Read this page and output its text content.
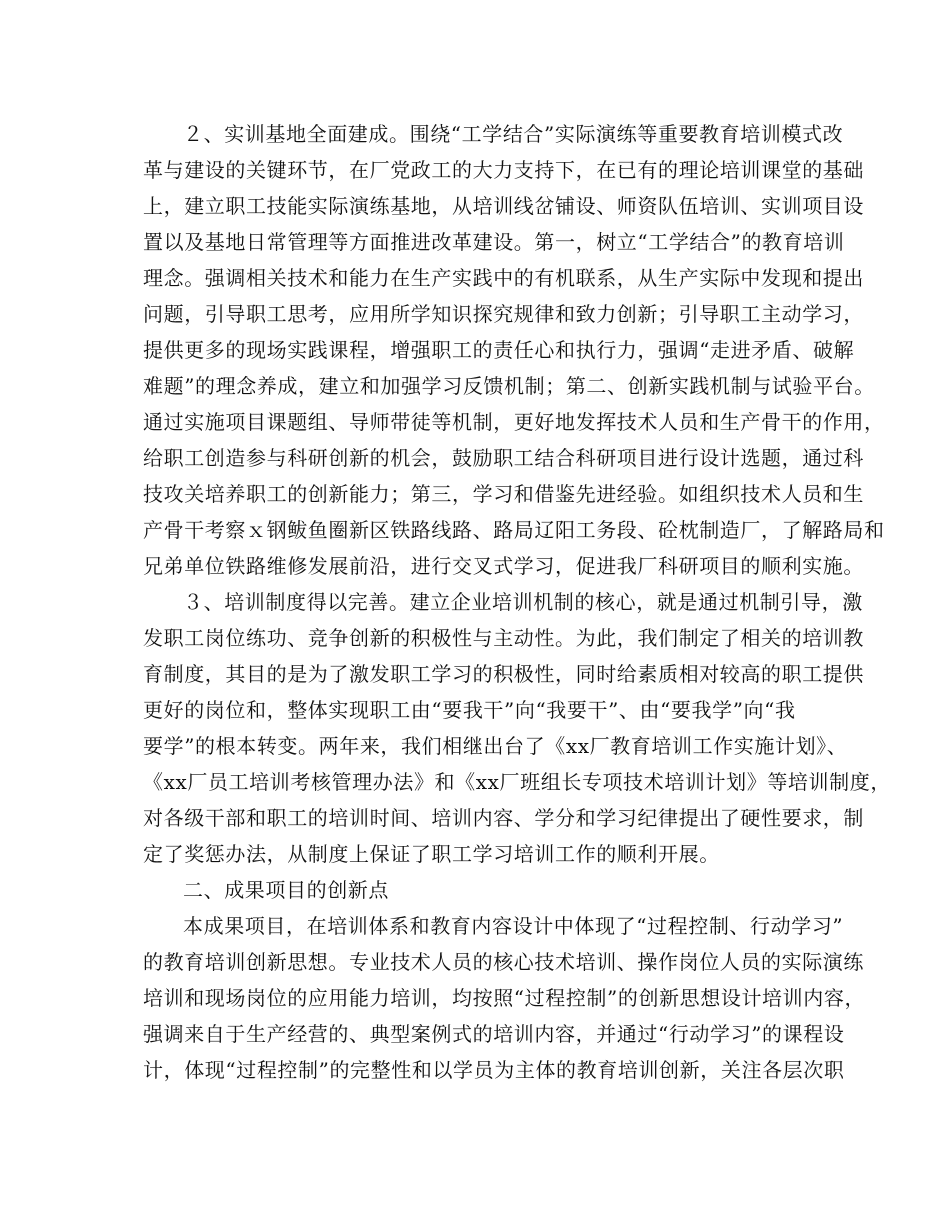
２、实训基地全面建成。围绕“工学结合”实际演练等重要教育培训模式改
革与建设的关键环节，在厂党政工的大力支持下，在已有的理论培训课堂的基础
上，建立职工技能实际演练基地，从培训线岔铺设、师资队伍培训、实训项目设
置以及基地日常管理等方面推进改革建设。第一，树立“工学结合”的教育培训
理念。强调相关技术和能力在生产实践中的有机联系，从生产实际中发现和提出
问题，引导职工思考，应用所学知识探究规律和致力创新；引导职工主动学习，
提供更多的现场实践课程，增强职工的责任心和执行力，强调“走进矛盾、破解
难题”的理念养成，建立和加强学习反馈机制；第二、创新实践机制与试验平台。
通过实施项目课题组、导师带徒等机制，更好地发挥技术人员和生产骨干的作用，
给职工创造参与科研创新的机会，鼓励职工结合科研项目进行设计选题，通过科
技攻关培养职工的创新能力；第三，学习和借鉴先进经验。如组织技术人员和生
产骨干考察ｘ钢鲅鱼圈新区铁路线路、路局辽阳工务段、砼枕制造厂，了解路局和
兄弟单位铁路维修发展前沿，进行交叉式学习，促进我厂科研项目的顺利实施。
３、培训制度得以完善。建立企业培训机制的核心，就是通过机制引导，激
发职工岗位练功、竞争创新的积极性与主动性。为此，我们制定了相关的培训教
育制度，其目的是为了激发职工学习的积极性，同时给素质相对较高的职工提供
更好的岗位和，整体实现职工由“要我干”向“我要干”、由“要我学”向“我
要学”的根本转变。两年来，我们相继出台了《xx厂教育培训工作实施计划》、
《xx厂员工培训考核管理办法》和《xx厂班组长专项技术培训计划》等培训制度，
对各级干部和职工的培训时间、培训内容、学分和学习纪律提出了硬性要求，制
定了奖惩办法，从制度上保证了职工学习培训工作的顺利开展。
二、成果项目的创新点
本成果项目，在培训体系和教育内容设计中体现了“过程控制、行动学习”
的教育培训创新思想。专业技术人员的核心技术培训、操作岗位人员的实际演练
培训和现场岗位的应用能力培训，均按照“过程控制”的创新思想设计培训内容，
强调来自于生产经营的、典型案例式的培训内容，并通过“行动学习”的课程设
计，体现“过程控制”的完整性和以学员为主体的教育培训创新，关注各层次职
